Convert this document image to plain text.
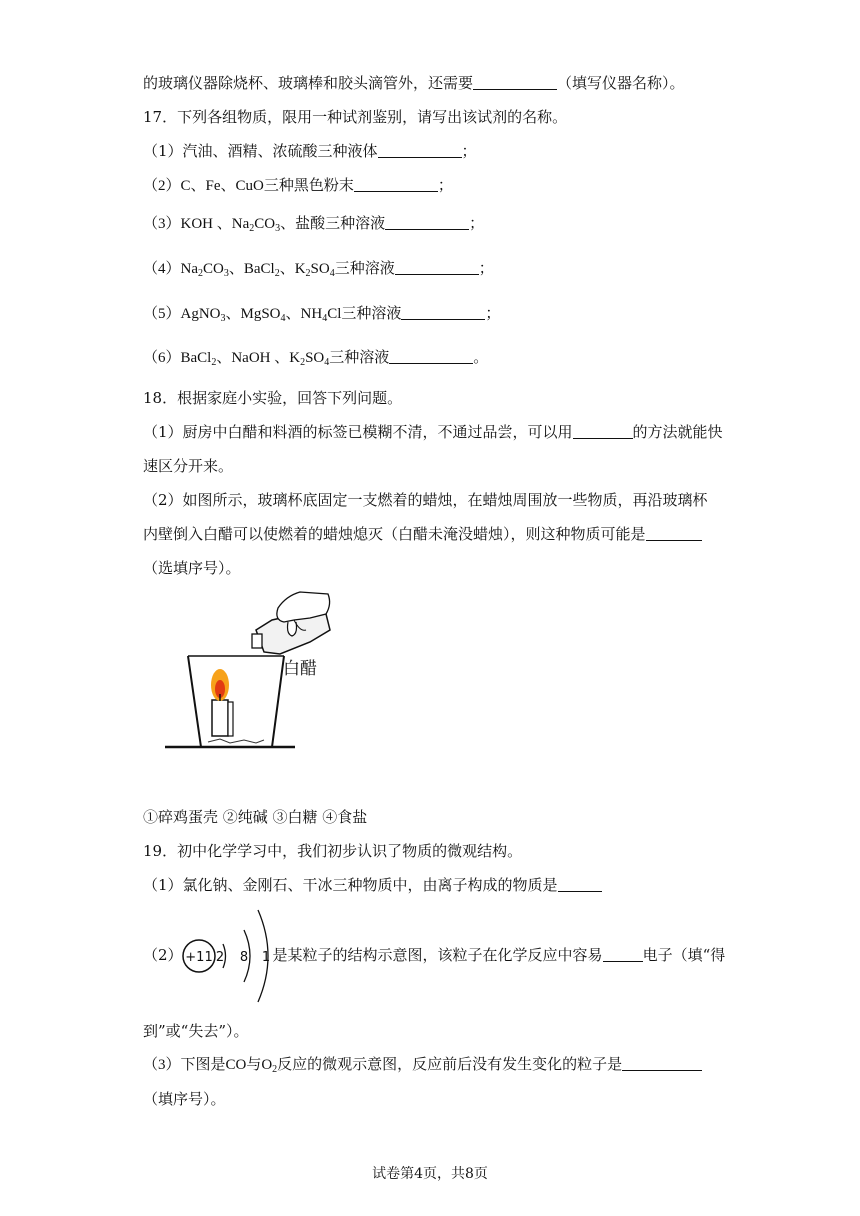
的玻璃仪器除烧杯、玻璃棒和胶头滴管外，还需要	（填写仪器名称）。
17．下列各组物质，限用一种试剂鉴别，请写出该试剂的名称。
（1）汽油、酒精、浓硫酸三种液体	；
（2）C、Fe、CuO三种黑色粉末	；
（3）KOH 、$Na_2CO_3$、盐酸三种溶液	；
$(4)Na_2CO_3$、BaCl$_2$、$K_2SO_4$三种溶液	；
（5）AgNO$_3$、MgSO$_4$、$NH_4Cl$三种溶液	；
（6）BaCl$_2$、NaOH 、$K_2SO_4$三种溶液	。
18．根据家庭小实验，回答下列问题。
（1）厨房中白醋和料酒的标签已模糊不清，不通过品尝，可以用	的方法就能快
速区分开来。
（2）如图所示，玻璃杯底固定一支燃着的蜡烛，在蜡烛周围放一些物质，再沿玻璃杯
内壁倒入白醋可以使燃着的蜡烛熄灭（白醋未淹没蜡烛），则这种物质可能是
（选填序号）。
白醋
①碎鸡蛋壳 ②纯碱 ③白糖 ④食盐
19．初中化学学习中，我们初步认识了物质的微观结构。
（1）氯化钠、金刚石、干冰三种物质中，由离子构成的物质是
（2）	是某粒子的结构示意图，该粒子在化学反应中容易	电子（填“得
+11 2 8 1
到”或“失去”）。
（3）下图是CO与$O_2$反应的微观示意图，反应前后没有发生变化的粒子是
（填序号）。
试卷第4页，共8页
